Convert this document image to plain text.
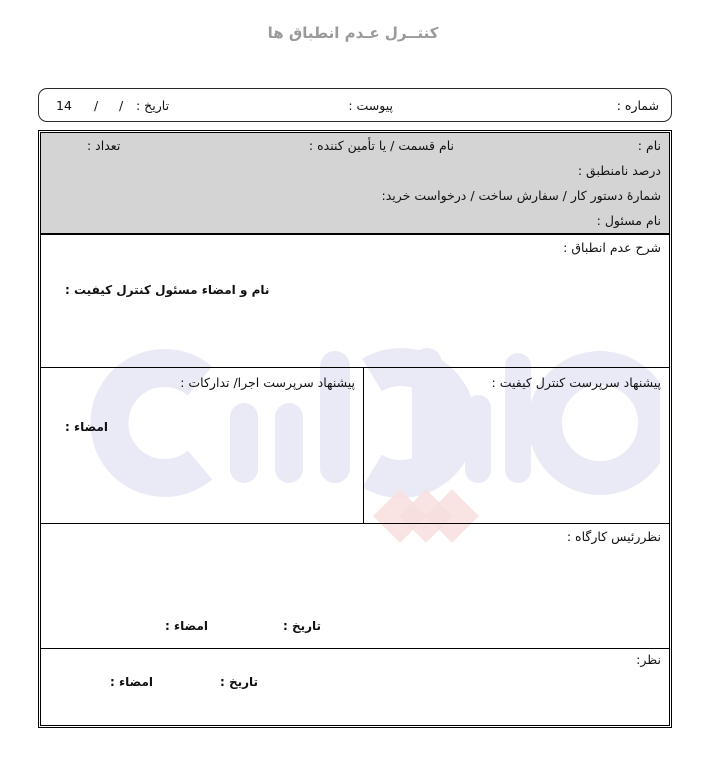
کنتــرل عـدم انطباق ها
شماره :
پیوست :
تاریخ :
/
/
14
نام :
نام قسمت / یا تأمین کننده :
تعداد :
درصد نامنطبق :
شمارهٔ دستور کار / سفارش ساخت / درخواست خرید:
نام مسئول :
شرح عدم انطباق :
نام و امضاء مسئول کنترل کیفیت :
پیشنهاد سرپرست کنترل کیفیت :
پیشنهاد سرپرست اجرا/ تدارکات :
امضاء :
نظررئیس کارگاه :
تاریخ :
امضاء :
نظر:
تاریخ :
امضاء :
